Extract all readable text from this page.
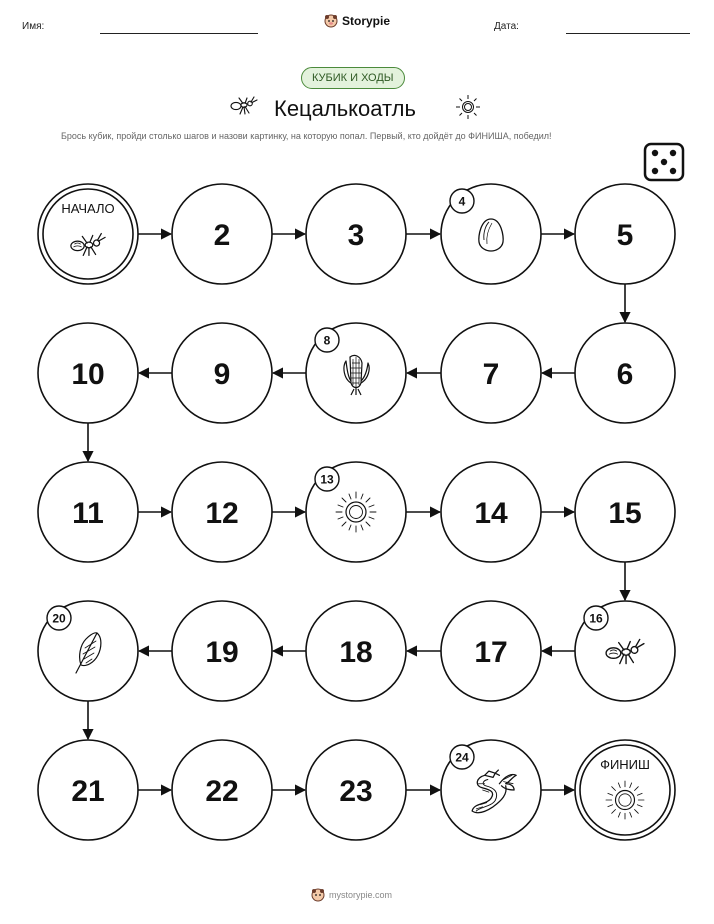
Имя:	Storypie	Дата:
КУБИК И ХОДЫ
Кецалькоатль
Брось кубик, пройди столько шагов и назови картинку, на которую попал. Первый, кто дойдёт до ФИНИША, победил!
НАЧАЛО
2	3
4
5
6
7
8
9
10
11	12
13
14	15
16
17
18
19
20
21	22	23
24	ФИНИШ
mystorypie.com
